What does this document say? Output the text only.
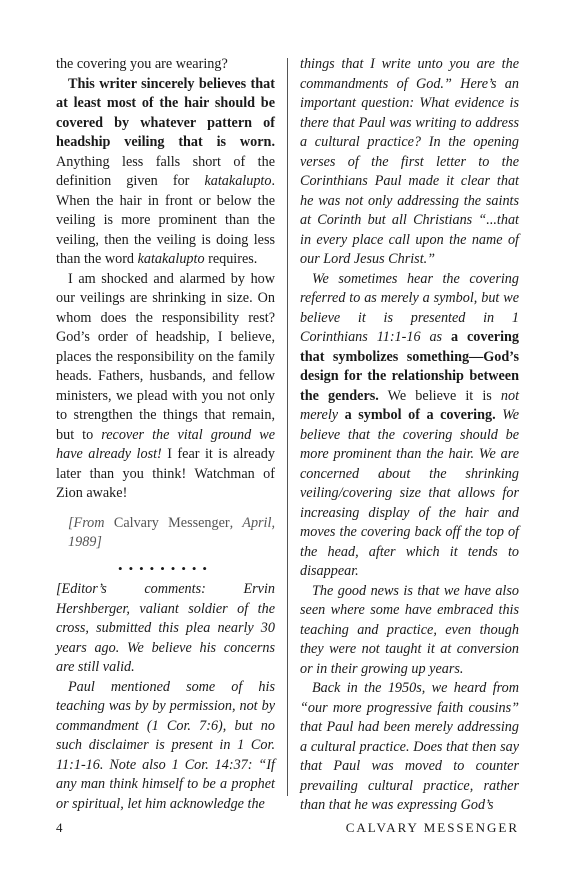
the covering you are wearing?

This writer sincerely believes that at least most of the hair should be covered by whatever pattern of headship veiling that is worn. Anything less falls short of the definition given for katakalupto. When the hair in front or below the veiling is more prominent than the veiling, then the veiling is doing less than the word katakalupto requires.

I am shocked and alarmed by how our veilings are shrinking in size. On whom does the responsibility rest? God’s order of headship, I believe, places the responsibility on the family heads. Fathers, husbands, and fellow ministers, we plead with you not only to strengthen the things that remain, but to recover the vital ground we have already lost! I fear it is already later than you think! Watchman of Zion awake!

[From Calvary Messenger, April, 1989]

•••••••••

[Editor’s comments: Ervin Hershberger, valiant soldier of the cross, submitted this plea nearly 30 years ago. We believe his concerns are still valid.

Paul mentioned some of his teaching was by by permission, not by commandment (1 Cor. 7:6), but no such disclaimer is present in 1 Cor. 11:1-16. Note also 1 Cor. 14:37: “If any man think himself to be a prophet or spiritual, let him acknowledge the

things that I write unto you are the commandments of God.” Here’s an important question: What evidence is there that Paul was writing to address a cultural practice? In the opening verses of the first letter to the Corinthians Paul made it clear that he was not only addressing the saints at Corinth but all Christians “...that in every place call upon the name of our Lord Jesus Christ.”

We sometimes hear the covering referred to as merely a symbol, but we believe it is presented in 1 Corinthians 11:1-16 as a covering that symbolizes something—God’s design for the relationship between the genders. We believe it is not merely a symbol of a covering. We believe that the covering should be more prominent than the hair. We are concerned about the shrinking veiling/covering size that allows for increasing display of the hair and moves the covering back off the top of the head, after which it tends to disappear.

The good news is that we have also seen where some have embraced this teaching and practice, even though they were not taught it at conversion or in their growing up years.

Back in the 1950s, we heard from “our more progressive faith cousins” that Paul had been merely addressing a cultural practice. Does that then say that Paul was moved to counter prevailing cultural practice, rather than that he was expressing God’s

4	CALVARY MESSENGER
